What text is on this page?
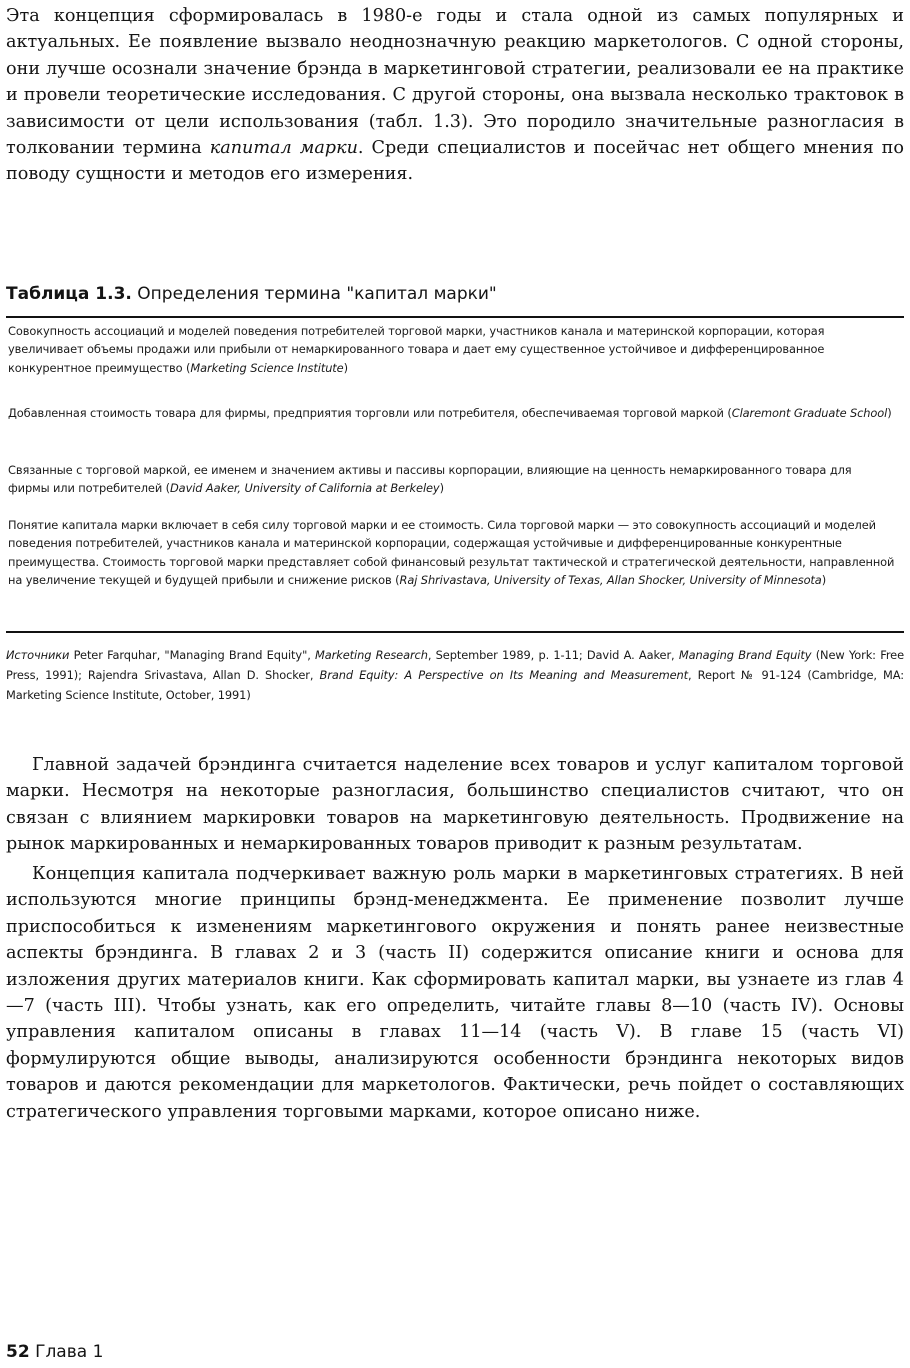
Эта концепция сформировалась в 1980-е годы и стала одной из самых популярных и актуальных. Ее появление вызвало неоднозначную реакцию маркетологов. С одной стороны, они лучше осознали значение брэнда в маркетинговой стратегии, реализовали ее на практике и провели теоретические исследования. С другой стороны, она вызвала несколько трактовок в зависимости от цели использования (табл. 1.3). Это породило значительные разногласия в толковании термина капитал марки. Среди специалистов и посейчас нет общего мнения по поводу сущности и методов его измерения.

Таблица 1.3. Определения термина "капитал марки"

Совокупность ассоциаций и моделей поведения потребителей торговой марки, участников канала и материнской корпорации, которая увеличивает объемы продажи или прибыли от немаркированного товара и дает ему существенное устойчивое и дифференцированное конкурентное преимущество (Marketing Science Institute)

Добавленная стоимость товара для фирмы, предприятия торговли или потребителя, обеспечиваемая торговой маркой (Claremont Graduate School)

Связанные с торговой маркой, ее именем и значением активы и пассивы корпорации, влияющие на ценность немаркированного товара для фирмы или потребителей (David Aaker, University of California at Berkeley)

Понятие капитала марки включает в себя силу торговой марки и ее стоимость. Сила торговой марки — это совокупность ассоциаций и моделей поведения потребителей, участников канала и материнской корпорации, содержащая устойчивые и дифференцированные конкурентные преимущества. Стоимость торговой марки представляет собой финансовый результат тактической и стратегической деятельности, направленной на увеличение текущей и будущей прибыли и снижение рисков (Raj Shrivastava, University of Texas, Allan Shocker, University of Minnesota)

Источники Peter Farquhar, "Managing Brand Equity", Marketing Research, September 1989, p. 1-11; David A. Aaker, Managing Brand Equity (New York: Free Press, 1991); Rajendra Srivastava, Allan D. Shocker, Brand Equity: A Perspective on Its Meaning and Measurement, Report № 91-124 (Cambridge, MA: Marketing Science Institute, October, 1991)

Главной задачей брэндинга считается наделение всех товаров и услуг капиталом торговой марки. Несмотря на некоторые разногласия, большинство специалистов считают, что он связан с влиянием маркировки товаров на маркетинговую деятельность. Продвижение на рынок маркированных и немаркированных товаров приводит к разным результатам.

Концепция капитала подчеркивает важную роль марки в маркетинговых стратегиях. В ней используются многие принципы брэнд-менеджмента. Ее применение позволит лучше приспособиться к изменениям маркетингового окружения и понять ранее неизвестные аспекты брэндинга. В главах 2 и 3 (часть II) содержится описание книги и основа для изложения других материалов книги. Как сформировать капитал марки, вы узнаете из глав 4—7 (часть III). Чтобы узнать, как его определить, читайте главы 8—10 (часть IV). Основы управления капиталом описаны в главах 11—14 (часть V). В главе 15 (часть VI) формулируются общие выводы, анализируются особенности брэндинга некоторых видов товаров и даются рекомендации для маркетологов. Фактически, речь пойдет о составляющих стратегического управления торговыми марками, которое описано ниже.

52 Глава 1
